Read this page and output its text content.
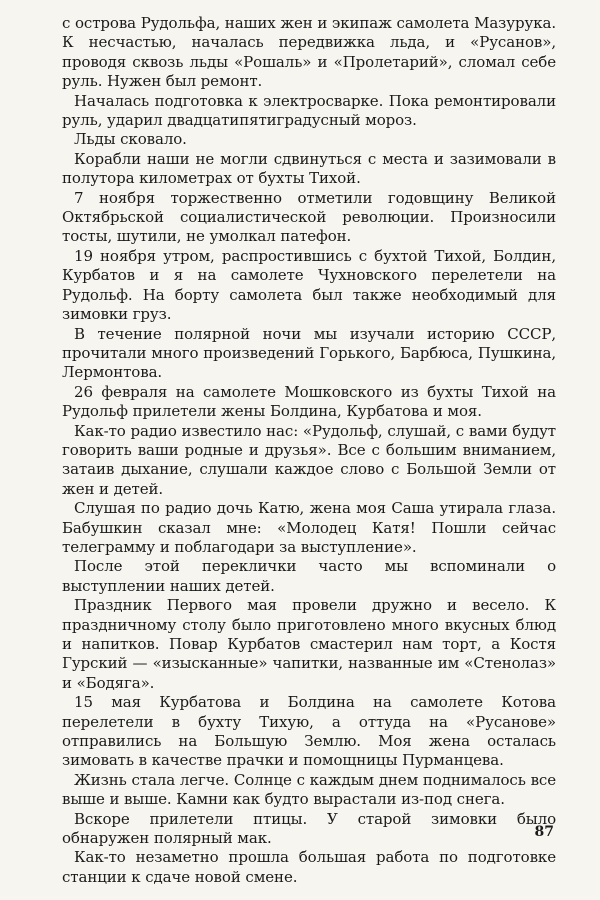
с острова Рудольфа, наших жен и экипаж самолета Мазурука. К несчастью, началась передвижка льда, и «Русанов», проводя сквозь льды «Рошаль» и «Пролетарий», сломал себе руль. Нужен был ремонт.

Началась подготовка к электросварке. Пока ремонтировали руль, ударил двадцатипятиградусный мороз.

Льды сковало.

Корабли наши не могли сдвинуться с места и зазимовали в полутора километрах от бухты Тихой.

7 ноября торжественно отметили годовщину Великой Октябрьской социалистической революции. Произносили тосты, шутили, не умолкал патефон.

19 ноября утром, распростившись с бухтой Тихой, Болдин, Курбатов и я на самолете Чухновского перелетели на Рудольф. На борту самолета был также необходимый для зимовки груз.

В течение полярной ночи мы изучали историю СССР, прочитали много произведений Горького, Барбюса, Пушкина, Лермонтова.

26 февраля на самолете Мошковского из бухты Тихой на Рудольф прилетели жены Болдина, Курбатова и моя.

Как-то радио известило нас: «Рудольф, слушай, с вами будут говорить ваши родные и друзья». Все с большим вниманием, затаив дыхание, слушали каждое слово с Большой Земли от жен и детей.

Слушая по радио дочь Катю, жена моя Саша утирала глаза. Бабушкин сказал мне: «Молодец Катя! Пошли сейчас телеграмму и поблагодари за выступление».

После этой переклички часто мы вспоминали о выступлении наших детей.

Праздник Первого мая провели дружно и весело. К праздничному столу было приготовлено много вкусных блюд и напитков. Повар Курбатов смастерил нам торт, а Костя Гурский — «изысканные» чапитки, названные им «Стенолаз» и «Бодяга».

15 мая Курбатова и Болдина на самолете Котова перелетели в бухту Тихую, а оттуда на «Русанове» отправились на Большую Землю. Моя жена осталась зимовать в качестве прачки и помощницы Пурманцева.

Жизнь стала легче. Солнце с каждым днем поднималось все выше и выше. Камни как будто вырастали из-под снега.

Вскоре прилетели птицы. У старой зимовки было обнаружен полярный мак.

Как-то незаметно прошла большая работа по подготовке станции к сдаче новой смене.

87
